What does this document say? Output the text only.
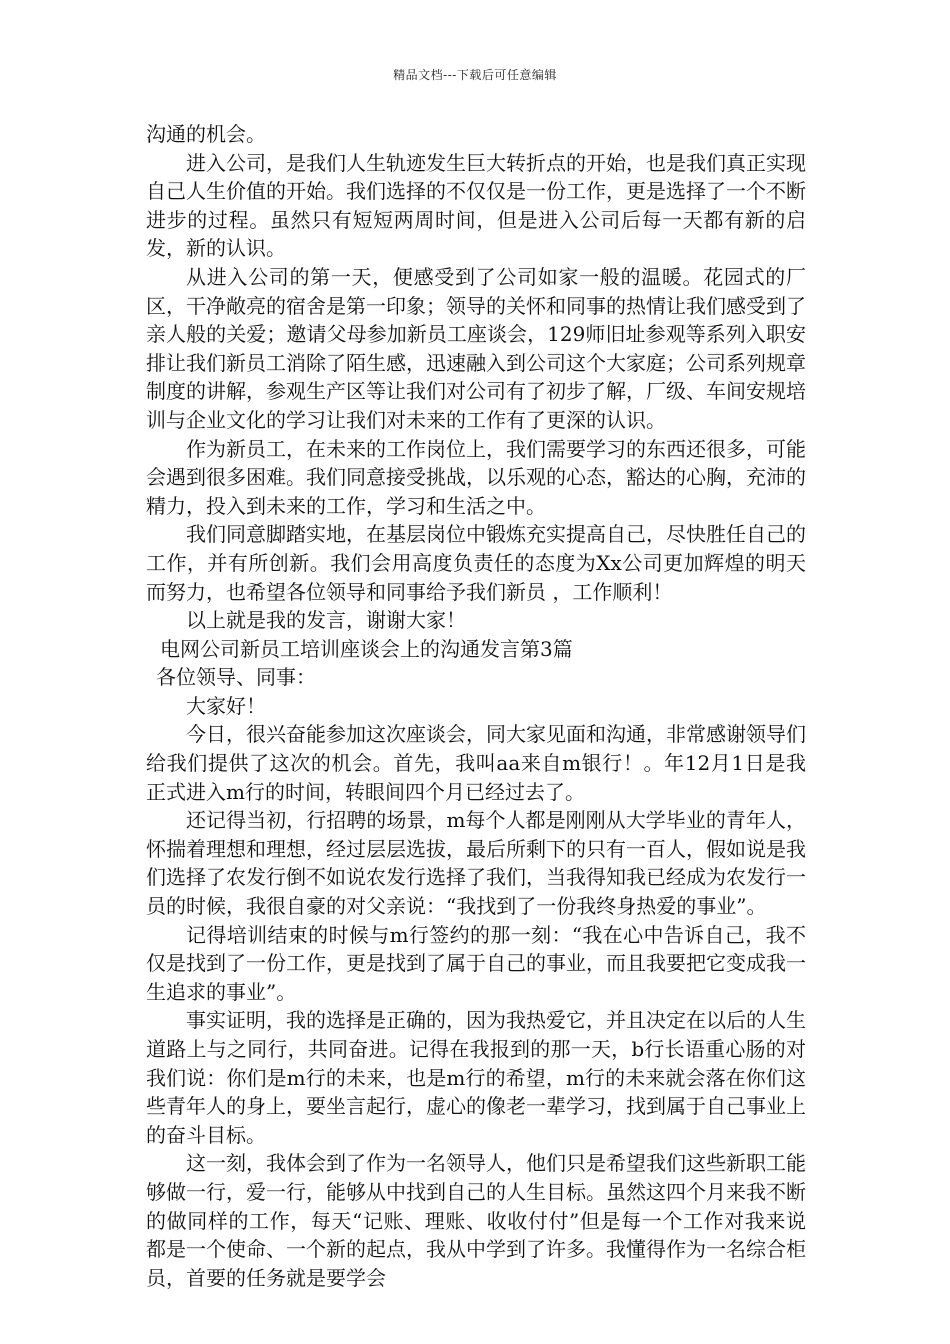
精品文档---下载后可任意编辑

沟通的机会。

进入公司，是我们人生轨迹发生巨大转折点的开始，也是我们真正实现自己人生价值的开始。我们选择的不仅仅是一份工作，更是选择了一个不断进步的过程。虽然只有短短两周时间，但是进入公司后每一天都有新的启发，新的认识。

从进入公司的第一天，便感受到了公司如家一般的温暖。花园式的厂区，干净敞亮的宿舍是第一印象；领导的关怀和同事的热情让我们感受到了亲人般的关爱；邀请父母参加新员工座谈会，129师旧址参观等系列入职安排让我们新员工消除了陌生感，迅速融入到公司这个大家庭；公司系列规章制度的讲解，参观生产区等让我们对公司有了初步了解，厂级、车间安规培训与企业文化的学习让我们对未来的工作有了更深的认识。

作为新员工，在未来的工作岗位上，我们需要学习的东西还很多，可能会遇到很多困难。我们同意接受挑战，以乐观的心态，豁达的心胸，充沛的精力，投入到未来的工作，学习和生活之中。

我们同意脚踏实地，在基层岗位中锻炼充实提高自己，尽快胜任自己的工作，并有所创新。我们会用高度负责任的态度为Xx公司更加辉煌的明天而努力，也希望各位领导和同事给予我们新员 ，工作顺利！

以上就是我的发言，谢谢大家！

电网公司新员工培训座谈会上的沟通发言第3篇

各位领导、同事：

大家好！

今日，很兴奋能参加这次座谈会，同大家见面和沟通，非常感谢领导们给我们提供了这次的机会。首先，我叫aa来自m银行！。年12月1日是我正式进入m行的时间，转眼间四个月已经过去了。

还记得当初，行招聘的场景，m每个人都是刚刚从大学毕业的青年人，怀揣着理想和理想，经过层层选拔，最后所剩下的只有一百人，假如说是我们选择了农发行倒不如说农发行选择了我们，当我得知我已经成为农发行一员的时候，我很自豪的对父亲说：“我找到了一份我终身热爱的事业”。

记得培训结束的时候与m行签约的那一刻：“我在心中告诉自己，我不仅是找到了一份工作，更是找到了属于自己的事业，而且我要把它变成我一生追求的事业”。

事实证明，我的选择是正确的，因为我热爱它，并且决定在以后的人生道路上与之同行，共同奋进。记得在我报到的那一天，b行长语重心肠的对我们说：你们是m行的未来，也是m行的希望，m行的未来就会落在你们这些青年人的身上，要坐言起行，虚心的像老一辈学习，找到属于自己事业上的奋斗目标。

这一刻，我体会到了作为一名领导人，他们只是希望我们这些新职工能够做一行，爱一行，能够从中找到自己的人生目标。虽然这四个月来我不断的做同样的工作，每天“记账、理账、收收付付”但是每一个工作对我来说都是一个使命、一个新的起点，我从中学到了许多。我懂得作为一名综合柜员，首要的任务就是要学会
